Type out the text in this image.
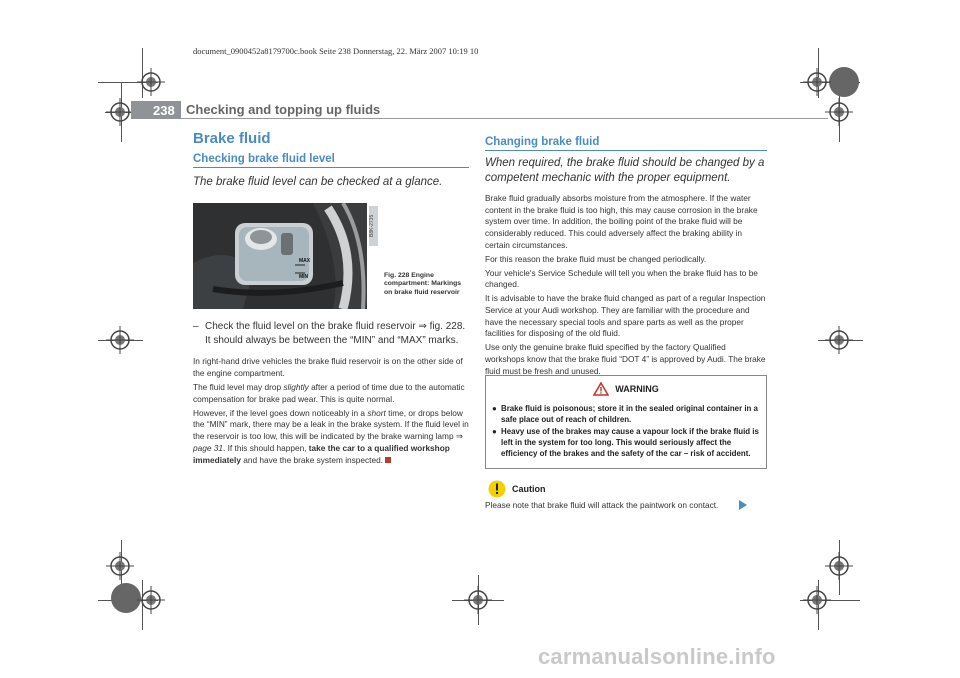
document_0900452a8179700c.book Seite 238 Donnerstag, 22. März 2007 10:19 10
238 Checking and topping up fluids
Brake fluid
Checking brake fluid level
The brake fluid level can be checked at a glance.
MAX
MIN
B8K-2735
Fig. 228 Engine compartment: Markings on brake fluid reservoir
– Check the fluid level on the brake fluid reservoir ⇒ fig. 228. It should always be between the “MIN” and “MAX” marks.

In right-hand drive vehicles the brake fluid reservoir is on the other side of the engine compartment.

The fluid level may drop slightly after a period of time due to the automatic compensation for brake pad wear. This is quite normal.

However, if the level goes down noticeably in a short time, or drops below the “MIN” mark, there may be a leak in the brake system. If the fluid level in the reservoir is too low, this will be indicated by the brake warning lamp ⇒ page 31. If this should happen, take the car to a qualified workshop immediately and have the brake system inspected.

Changing brake fluid
When required, the brake fluid should be changed by a competent mechanic with the proper equipment.

Brake fluid gradually absorbs moisture from the atmosphere. If the water content in the brake fluid is too high, this may cause corrosion in the brake system over time. In addition, the boiling point of the brake fluid will be considerably reduced. This could adversely affect the braking ability in certain circumstances.

For this reason the brake fluid must be changed periodically.

Your vehicle's Service Schedule will tell you when the brake fluid has to be changed.

It is advisable to have the brake fluid changed as part of a regular Inspection Service at your Audi workshop. They are familiar with the procedure and have the necessary special tools and spare parts as well as the proper facilities for disposing of the old fluid.

Use only the genuine brake fluid specified by the factory Qualified workshops know that the brake fluid “DOT 4” is approved by Audi. The brake fluid must be fresh and unused.

WARNING
● Brake fluid is poisonous; store it in the sealed original container in a safe place out of reach of children.
● Heavy use of the brakes may cause a vapour lock if the brake fluid is left in the system for too long. This would seriously affect the efficiency of the brakes and the safety of the car – risk of accident.
Caution
Please note that brake fluid will attack the paintwork on contact.
carmanualsonline.info
